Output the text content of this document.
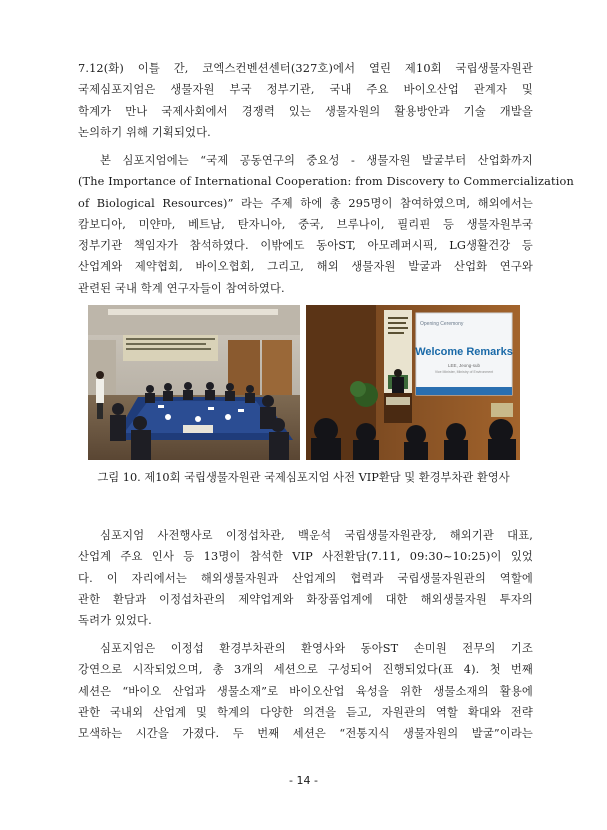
7.12(화) 이틀 간, 코엑스컨벤션센터(327호)에서 열린 제10회 국립생물자원관
국제심포지엄은 생물자원 부국 정부기관, 국내 주요 바이오산업 관계자 및
학계가 만나 국제사회에서 경쟁력 있는 생물자원의 활용방안과 기술 개발을
논의하기 위해 기획되었다.
본 심포지엄에는 “국제 공동연구의 중요성 - 생물자원 발굴부터 산업화까지
(The Importance of International Cooperation: from Discovery to Commercialization
of Biological Resources)” 라는 주제 하에 총 295명이 참여하였으며, 해외에서는
캄보디아, 미얀마, 베트남, 탄자니아, 중국, 브루나이, 필리핀 등 생물자원부국
정부기관 책임자가 참석하였다. 이밖에도 동아ST, 아모레퍼시픽, LG생활건강 등
산업계와 제약협회, 바이오협회, 그리고, 해외 생물자원 발굴과 산업화 연구와
관련된 국내 학계 연구자들이 참여하였다.
Opening Ceremony
Welcome Remarks
LEE, Jeong-sub
Vice Minister, Ministry of Environment

그림 10. 제10회 국립생물자원관 국제심포지엄 사전 VIP환담 및 환경부차관 환영사

심포지엄 사전행사로 이정섭차관, 백운석 국립생물자원관장, 해외기관 대표,
산업계 주요 인사 등 13명이 참석한 VIP 사전환담(7.11, 09:30~10:25)이 있었
다. 이 자리에서는 해외생물자원과 산업계의 협력과 국립생물자원관의 역할에
관한 환담과 이정섭차관의 제약업계와 화장품업계에 대한 해외생물자원 투자의
독려가 있었다.
심포지엄은 이정섭 환경부차관의 환영사와 동아ST 손미원 전무의 기조
강연으로 시작되었으며, 총 3개의 세션으로 구성되어 진행되었다(표 4). 첫 번째
세션은 “바이오 산업과 생물소재”로 바이오산업 육성을 위한 생물소재의 활용에
관한 국내외 산업계 및 학계의 다양한 의견을 듣고, 자원관의 역할 확대와 전략
모색하는 시간을 가졌다. 두 번째 세션은 “전통지식 생물자원의 발굴”이라는

- 14 -
